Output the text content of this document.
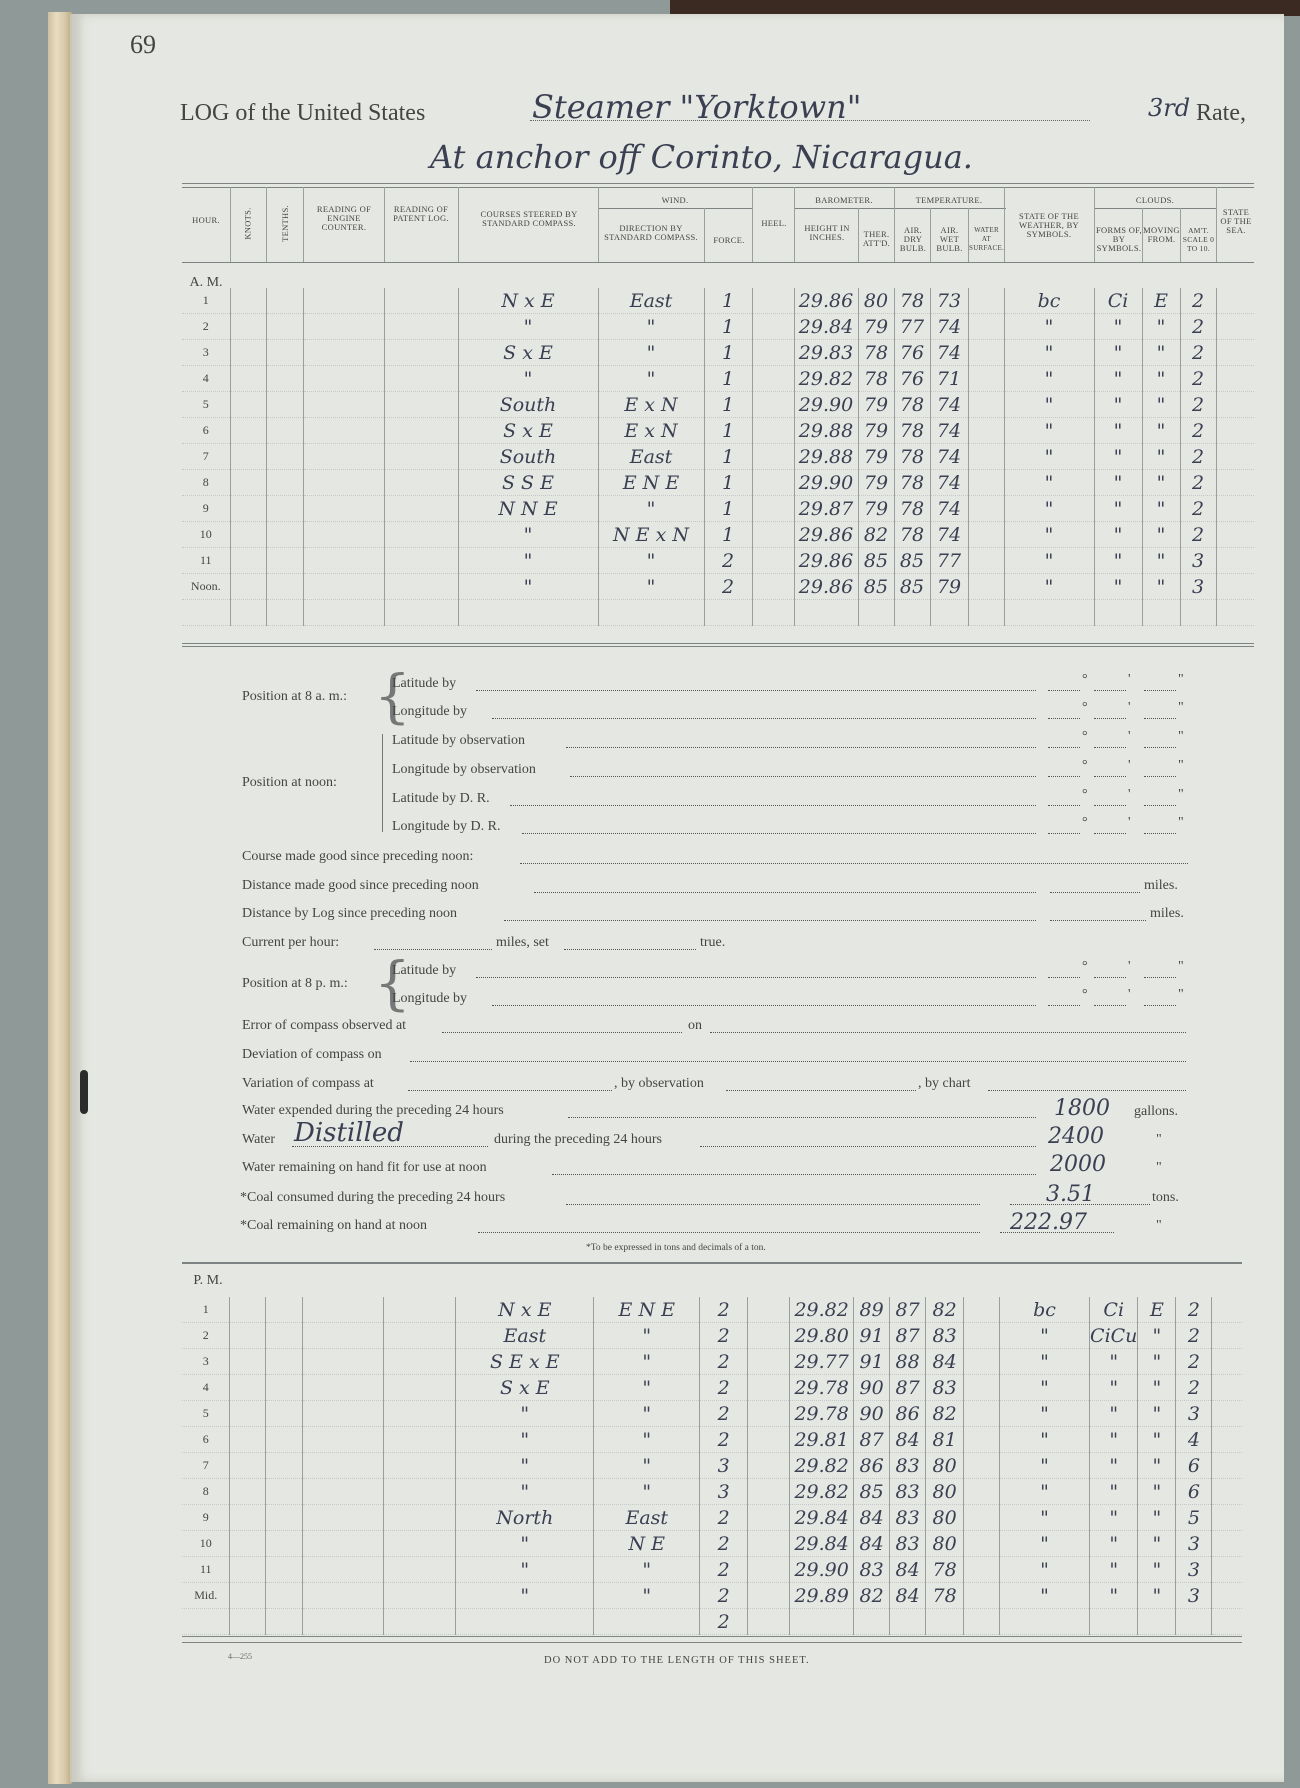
69
LOG of the United States	Steamer "Yorktown"	3rd Rate,
At anchor off Corinto, Nicaragua.
HOUR.	KNOTS.	TENTHS.	READING OF ENGINE COUNTER.
READING OF PATENT LOG.	COURSES STEERED BY STANDARD COMPASS.
WIND.
DIRECTION BY STANDARD COMPASS.	FORCE.
HEEL.
BAROMETER.
HEIGHT IN INCHES.	THER. ATT'D.
TEMPERATURE.
AIR. DRY BULB.
AIR. WET BULB.
WATER AT SURFACE.
STATE OF THE WEATHER, BY SYMBOLS.
CLOUDS.
FORMS OF, BY SYMBOLS.
MOVING FROM.
AM'T. SCALE 0 TO 10.
STATE OF THE SEA.
A. M.
1					N x E	East	1		29.86	80	78	73		bc	Ci	E	2	
2					"	"	1		29.84	79	77	74		"	"	"	2	
3					S x E	"	1		29.83	78	76	74		"	"	"	2	
4					"	"	1		29.82	78	76	71		"	"	"	2	
5					South	E x N	1		29.90	79	78	74		"	"	"	2	
6					S x E	E x N	1		29.88	79	78	74		"	"	"	2	
7					South	East	1		29.88	79	78	74		"	"	"	2	
8					S S E	E N E	1		29.90	79	78	74		"	"	"	2	
9					N N E	"	1		29.87	79	78	74		"	"	"	2	
10					"	N E x N	1		29.86	82	78	74		"	"	"	2	
11					"	"	2		29.86	85	85	77		"	"	"	3	
Noon.					"	"	2		29.86	85	85	79		"	"	"	3	

Position at 8 a. m.: {
Latitude by
Longitude by
Position at noon:
Latitude by observation
Longitude by observation
Latitude by D. R.
Longitude by D. R.
°	'	"
°	'	"
°	'	"
°	'	"
°	'	"
°	'	"
°	'	"
°	'	"
Course made good since preceding noon:
Distance made good since preceding noon	miles.
Distance by Log since preceding noon	miles.
Current per hour:	miles, set	true.
Position at 8 p. m.: {
Latitude by
Longitude by
Error of compass observed at	on
Deviation of compass on
Variation of compass at	, by observation	, by chart
Water expended during the preceding 24 hours	1800 gallons.
Water Distilled	during the preceding 24 hours	2400	"
Water remaining on hand fit for use at noon	2000	"
*Coal consumed during the preceding 24 hours	3.51	tons.
*Coal remaining on hand at noon	222.97	"
*To be expressed in tons and decimals of a ton.
P. M.
1					N x E	E N E	2		29.82	89	87	82		bc	Ci	E	2	
2					East	"	2		29.80	91	87	83		"	CiCu	"	2	
3					S E x E	"	2		29.77	91	88	84		"	"	"	2	
4					S x E	"	2		29.78	90	87	83		"	"	"	2	
5					"	"	2		29.78	90	86	82		"	"	"	3	
6					"	"	2		29.81	87	84	81		"	"	"	4	
7					"	"	3		29.82	86	83	80		"	"	"	6	
8					"	"	3		29.82	85	83	80		"	"	"	6	
9					North	East	2		29.84	84	83	80		"	"	"	5	
10					"	N E	2		29.84	84	83	80		"	"	"	3	
11					"	"	2		29.90	83	84	78		"	"	"	3	
Mid.					"	"	2		29.89	82	84	78		"	"	"	3	
							2											
4—255	DO NOT ADD TO THE LENGTH OF THIS SHEET.
